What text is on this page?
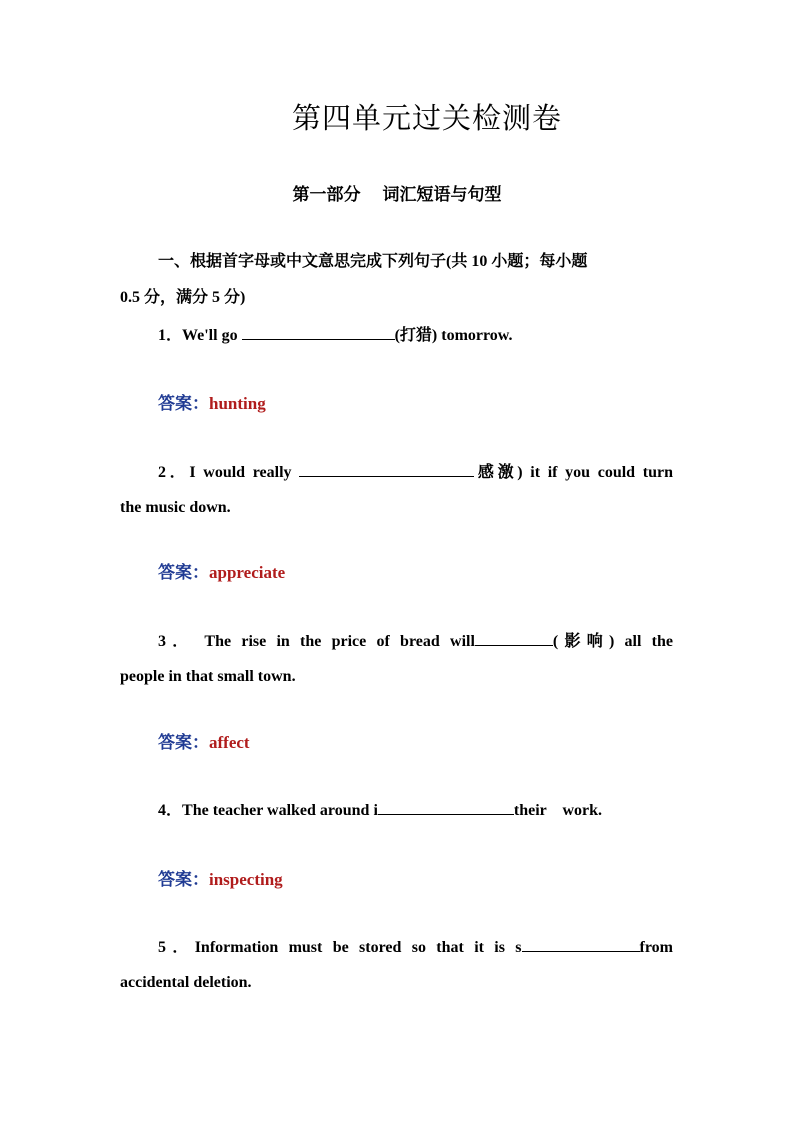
第四单元过关检测卷
第一部分 词汇短语与句型

一、根据首字母或中文意思完成下列句子(共 10 小题；每小题
0.5 分，满分 5 分)

1．We'll go	(打猎) tomorrow.

答案：hunting

2．I would really	感激) it if you could turn
the music down.

答案：appreciate

3． The rise in the price of bread will	(影响) all the
people in that small town.

答案：affect

4．The teacher walked around i	their    work.

答案：inspecting

5．Information must be stored so that it is s	from
accidental deletion.
